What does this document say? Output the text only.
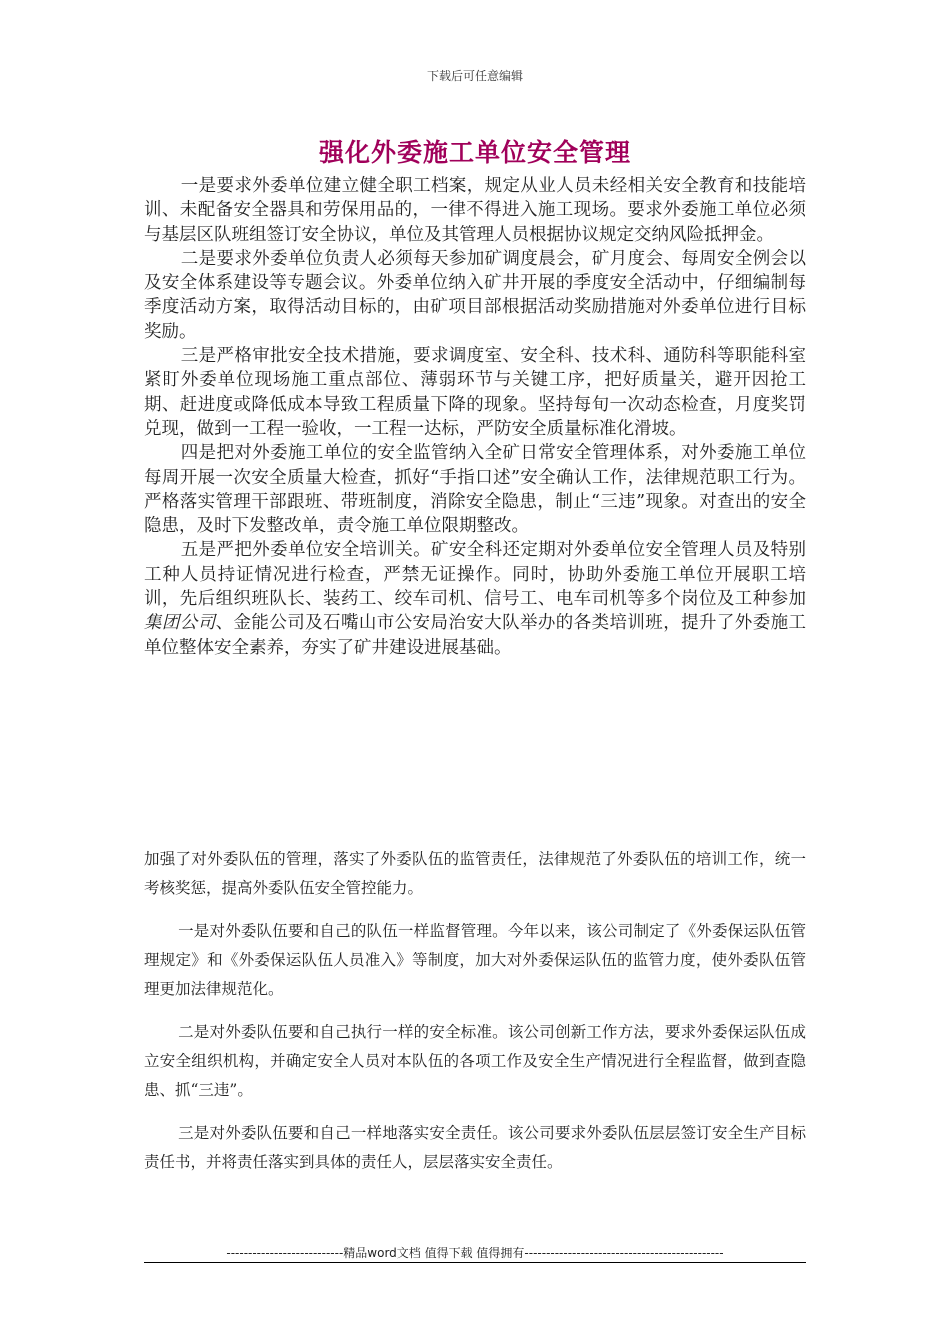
下载后可任意编辑
强化外委施工单位安全管理

一是要求外委单位建立健全职工档案，规定从业人员未经相关安全教育和技能培训、未配备安全器具和劳保用品的，一律不得进入施工现场。要求外委施工单位必须与基层区队班组签订安全协议，单位及其管理人员根据协议规定交纳风险抵押金。

二是要求外委单位负责人必须每天参加矿调度晨会，矿月度会、每周安全例会以及安全体系建设等专题会议。外委单位纳入矿井开展的季度安全活动中，仔细编制每季度活动方案，取得活动目标的，由矿项目部根据活动奖励措施对外委单位进行目标奖励。

三是严格审批安全技术措施，要求调度室、安全科、技术科、通防科等职能科室紧盯外委单位现场施工重点部位、薄弱环节与关键工序，把好质量关，避开因抢工期、赶进度或降低成本导致工程质量下降的现象。坚持每旬一次动态检查，月度奖罚兑现，做到一工程一验收，一工程一达标，严防安全质量标准化滑坡。

四是把对外委施工单位的安全监管纳入全矿日常安全管理体系，对外委施工单位每周开展一次安全质量大检查，抓好“手指口述”安全确认工作，法律规范职工行为。严格落实管理干部跟班、带班制度，消除安全隐患，制止“三违”现象。对查出的安全隐患，及时下发整改单，责令施工单位限期整改。

五是严把外委单位安全培训关。矿安全科还定期对外委单位安全管理人员及特别工种人员持证情况进行检查，严禁无证操作。同时，协助外委施工单位开展职工培训，先后组织班队长、装药工、绞车司机、信号工、电车司机等多个岗位及工种参加集团公司、金能公司及石嘴山市公安局治安大队举办的各类培训班，提升了外委施工单位整体安全素养，夯实了矿井建设进展基础。

加强了对外委队伍的管理，落实了外委队伍的监管责任，法律规范了外委队伍的培训工作，统一考核奖惩，提高外委队伍安全管控能力。

一是对外委队伍要和自己的队伍一样监督管理。今年以来，该公司制定了《外委保运队伍管理规定》和《外委保运队伍人员准入》等制度，加大对外委保运队伍的监管力度，使外委队伍管理更加法律规范化。

二是对外委队伍要和自己执行一样的安全标准。该公司创新工作方法，要求外委保运队伍成立安全组织机构，并确定安全人员对本队伍的各项工作及安全生产情况进行全程监督，做到查隐患、抓“三违”。

三是对外委队伍要和自己一样地落实安全责任。该公司要求外委队伍层层签订安全生产目标责任书，并将责任落实到具体的责任人，层层落实安全责任。

---------------------------精品word文档 值得下载 值得拥有----------------------------------------------
